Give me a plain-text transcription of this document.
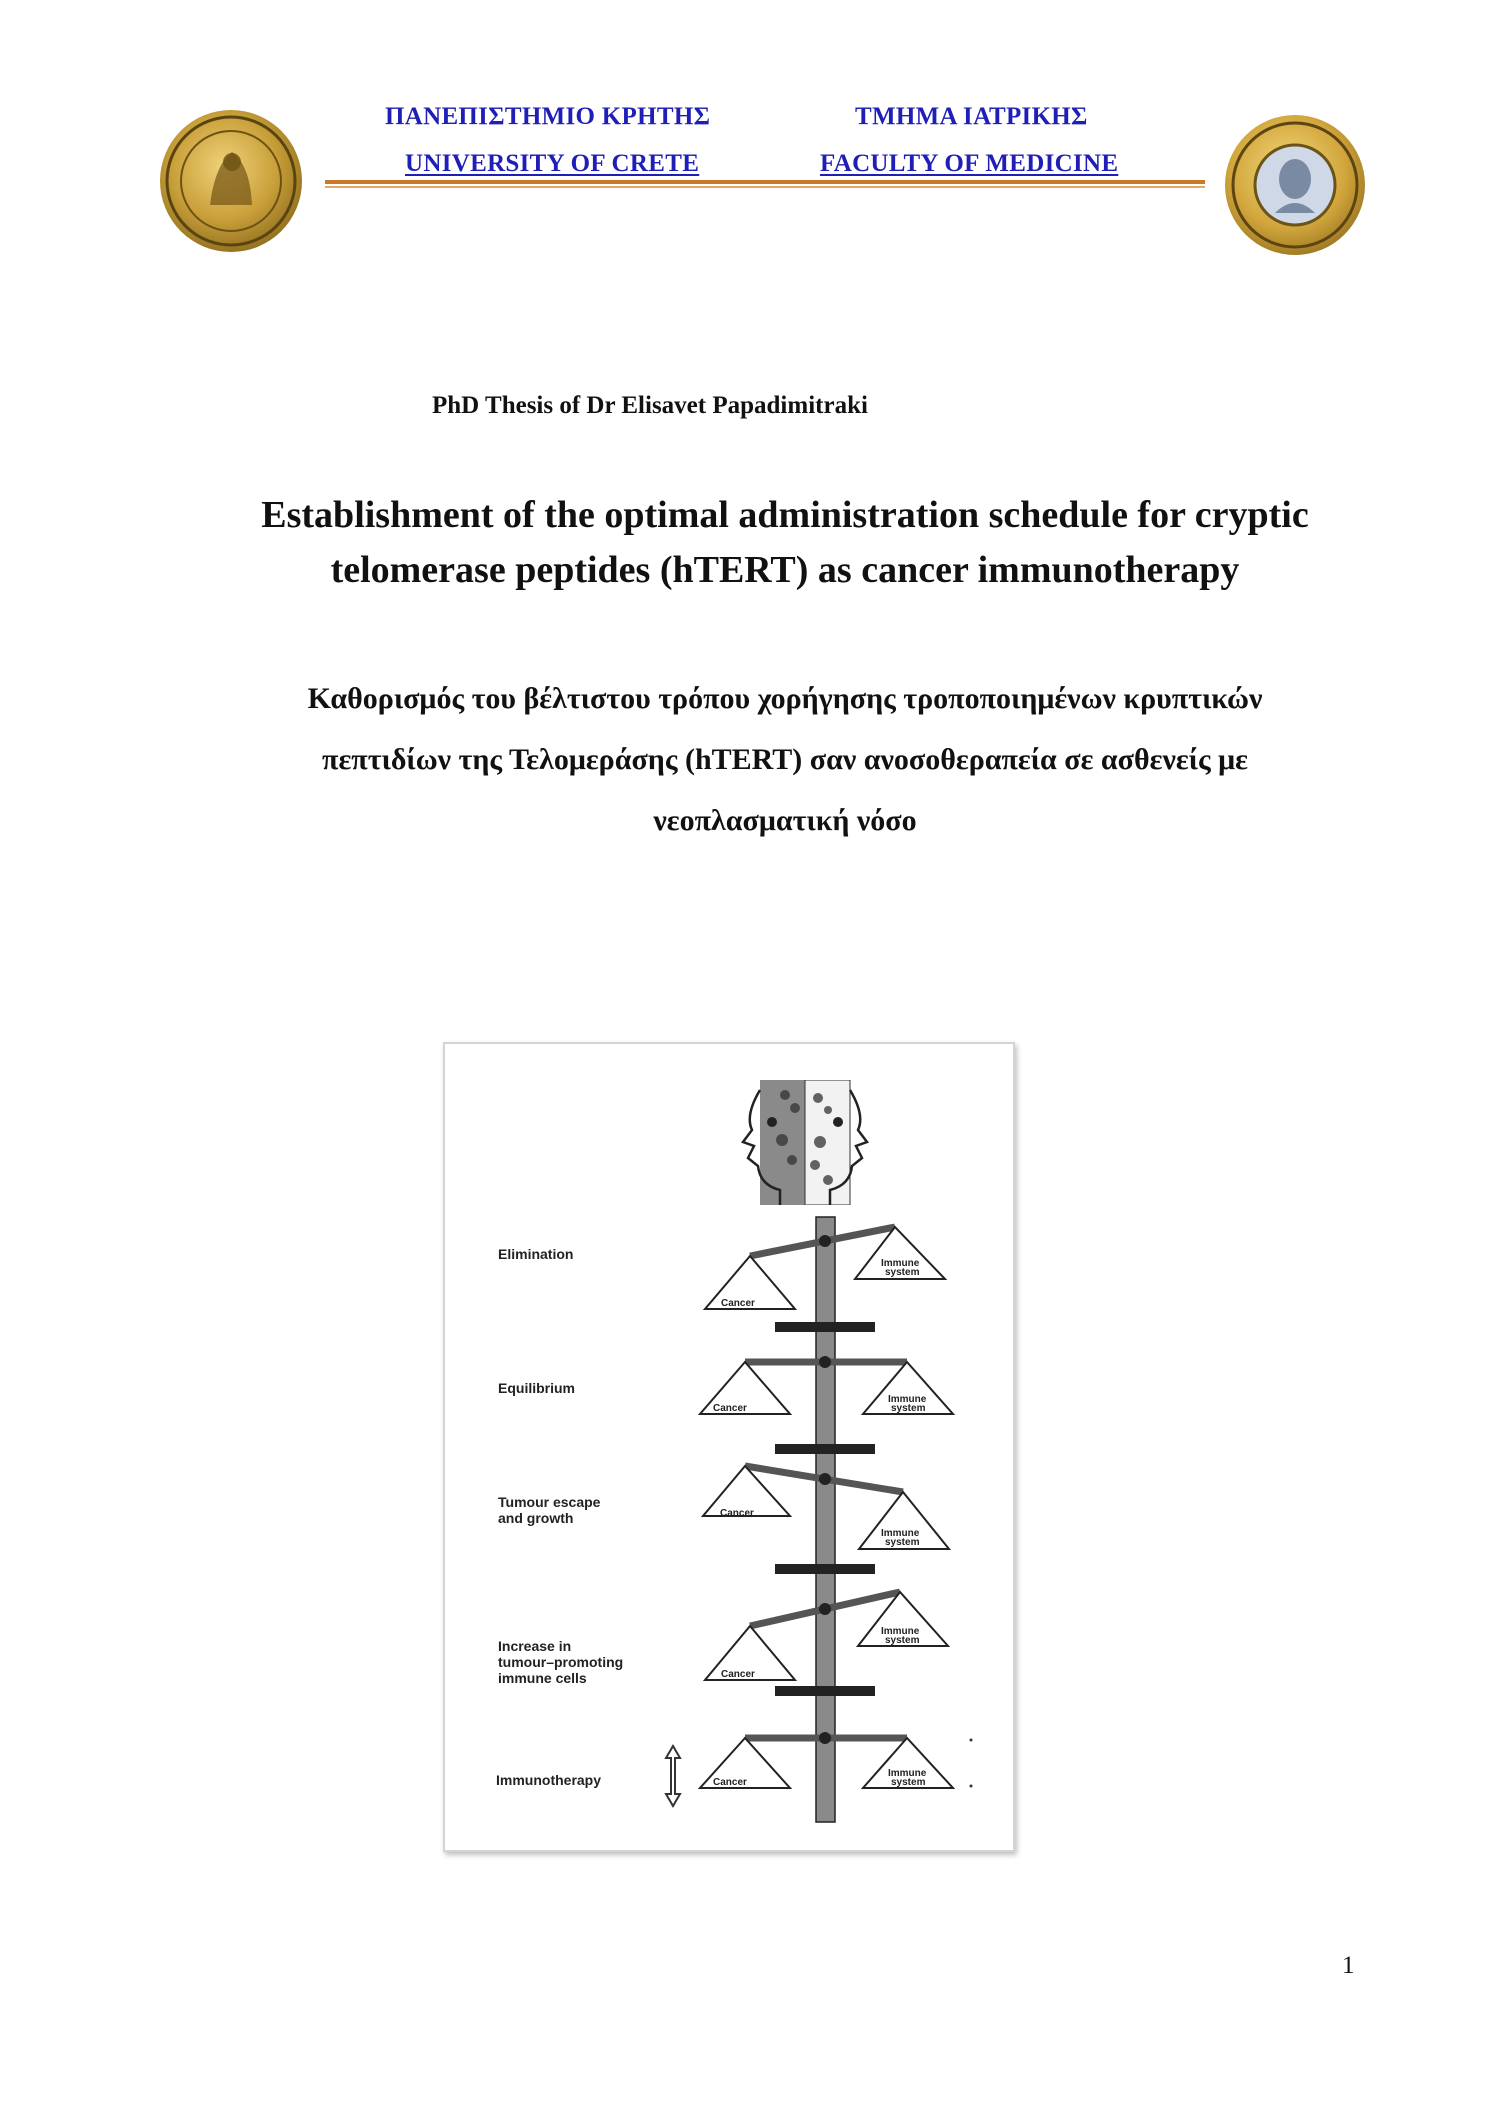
ΠΑΝΕΠΙΣΤΗΜΙΟ ΚΡΗΤΗΣ	ΤΜΗΜΑ ΙΑΤΡΙΚΗΣ
UNIVERSITY OF CRETE	FACULTY OF MEDICINE
PhD Thesis of Dr Elisavet Papadimitraki
Establishment of the optimal administration schedule for cryptic
telomerase peptides (hTERT) as cancer immunotherapy
Καθορισμός του βέλτιστου τρόπου χορήγησης τροποποιημένων κρυπτικών
πεπτιδίων της Τελομεράσης (hTERT) σαν ανοσοθεραπεία σε ασθενείς με
νεοπλασματική νόσο
Elimination
Equilibrium
Tumour escape
and growth
Increase in
tumour–promoting
immune cells
Immunotherapy
Cancer
Immune
system
Cancer
Immune
system
Cancer
Immune
system
Cancer
Immune
system
Cancer
Immune
system
1
